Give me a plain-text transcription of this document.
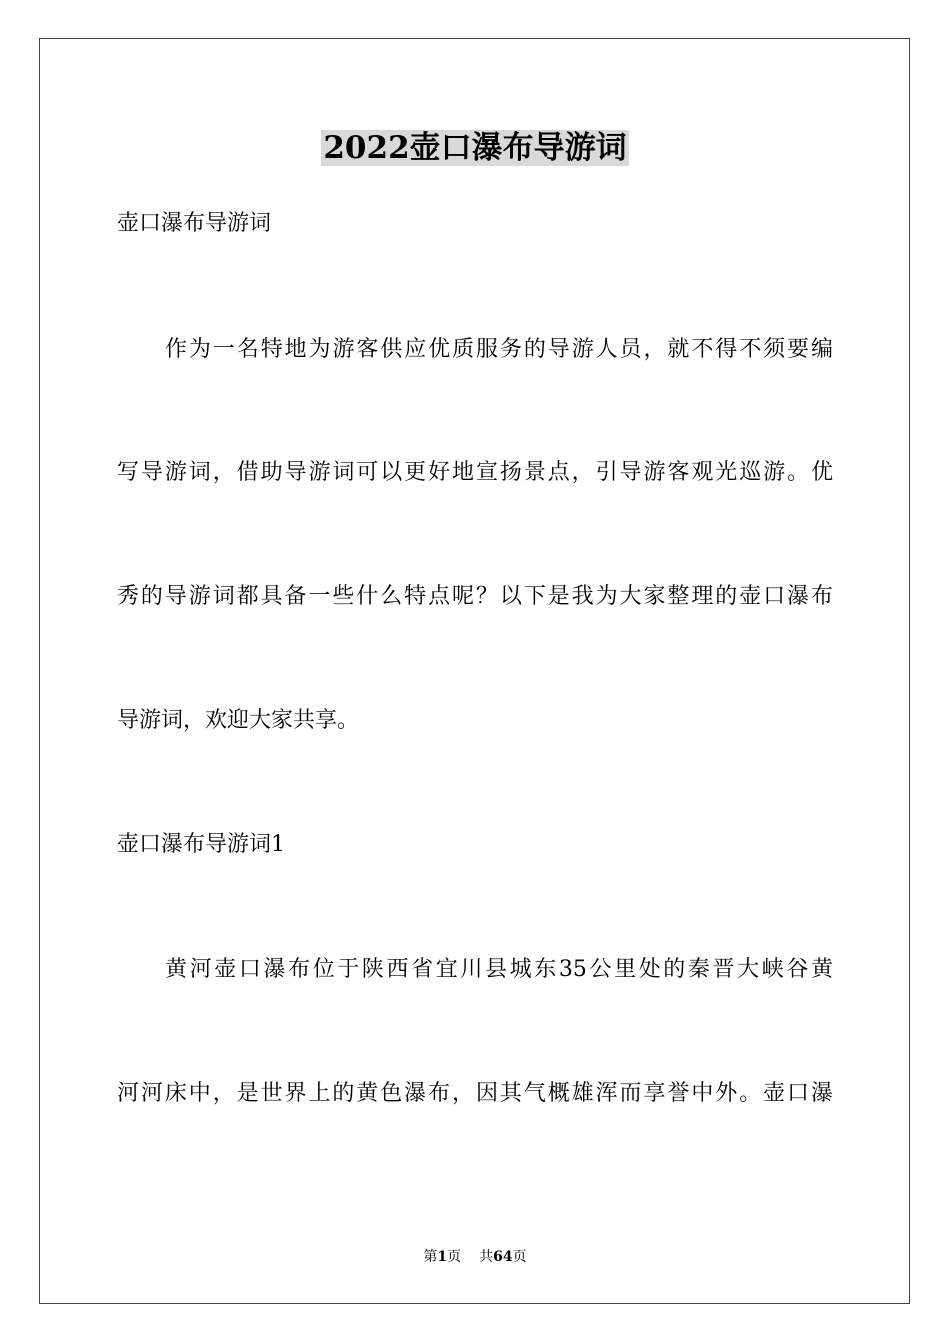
2022壶口瀑布导游词
壶口瀑布导游词
作为一名特地为游客供应优质服务的导游人员，就不得不须要编
写导游词，借助导游词可以更好地宣扬景点，引导游客观光巡游。优
秀的导游词都具备一些什么特点呢？以下是我为大家整理的壶口瀑布
导游词，欢迎大家共享。
壶口瀑布导游词1
黄河壶口瀑布位于陕西省宜川县城东35公里处的秦晋大峡谷黄
河河床中，是世界上的黄色瀑布，因其气概雄浑而享誉中外。壶口瀑
第1页 共64页
